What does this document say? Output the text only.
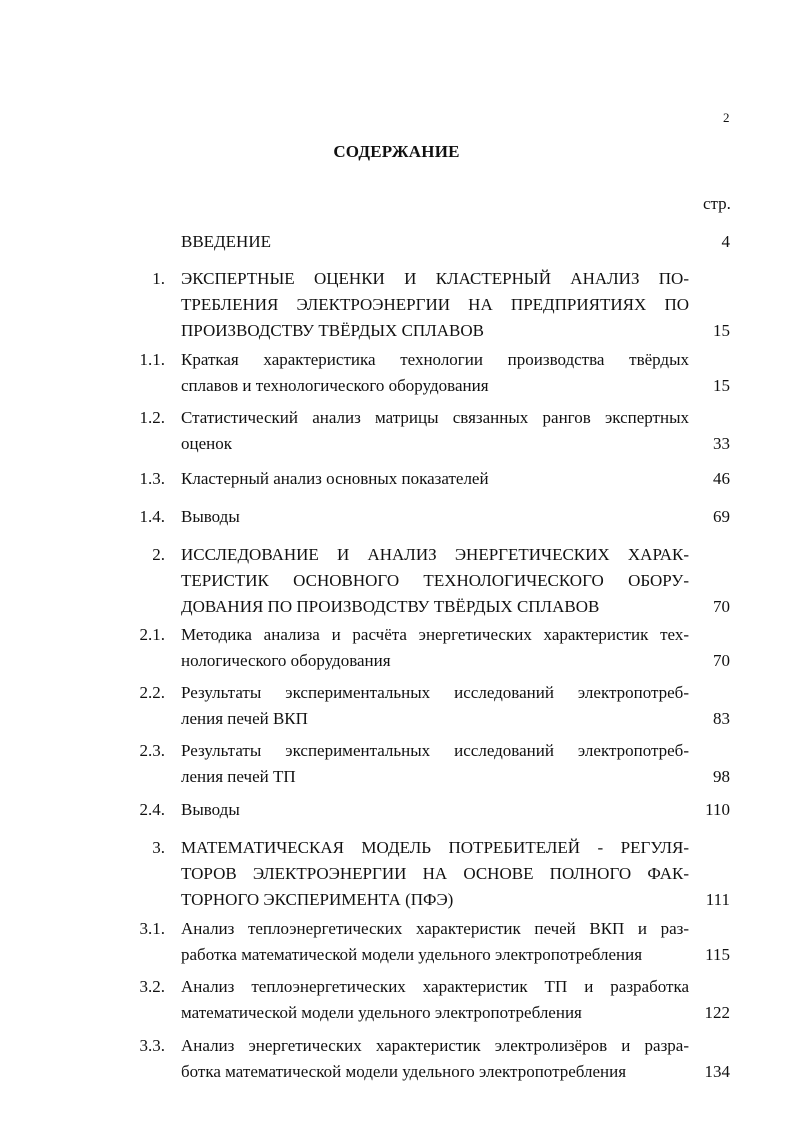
2
СОДЕРЖАНИЕ
стр.
ВВЕДЕНИЕ	4
1. ЭКСПЕРТНЫЕ ОЦЕНКИ И КЛАСТЕРНЫЙ АНАЛИЗ ПО-
ТРЕБЛЕНИЯ ЭЛЕКТРОЭНЕРГИИ НА ПРЕДПРИЯТИЯХ ПО
ПРОИЗВОДСТВУ ТВЁРДЫХ СПЛАВОВ	15
1.1. Краткая характеристика технологии производства твёрдых
сплавов и технологического оборудования	15
1.2. Статистический анализ матрицы связанных рангов экспертных
оценок	33
1.3. Кластерный анализ основных показателей	46
1.4. Выводы	69
2. ИССЛЕДОВАНИЕ И АНАЛИЗ ЭНЕРГЕТИЧЕСКИХ ХАРАК-
ТЕРИСТИК ОСНОВНОГО ТЕХНОЛОГИЧЕСКОГО ОБОРУ-
ДОВАНИЯ ПО ПРОИЗВОДСТВУ ТВЁРДЫХ СПЛАВОВ	70
2.1. Методика анализа и расчёта энергетических характеристик тех-
нологического оборудования	70
2.2. Результаты экспериментальных исследований электропотреб-
ления печей ВКП	83
2.3. Результаты экспериментальных исследований электропотреб-
ления печей ТП	98
2.4. Выводы	110
3. МАТЕМАТИЧЕСКАЯ МОДЕЛЬ ПОТРЕБИТЕЛЕЙ - РЕГУЛЯ-
ТОРОВ ЭЛЕКТРОЭНЕРГИИ НА ОСНОВЕ ПОЛНОГО ФАК-
ТОРНОГО ЭКСПЕРИМЕНТА (ПФЭ)	111
3.1. Анализ теплоэнергетических характеристик печей ВКП и раз-
работка математической модели удельного электропотребления	115
3.2. Анализ теплоэнергетических характеристик ТП и разработка
математической модели удельного электропотребления	122
3.3. Анализ энергетических характеристик электролизёров и разра-
ботка математической модели удельного электропотребления	134
